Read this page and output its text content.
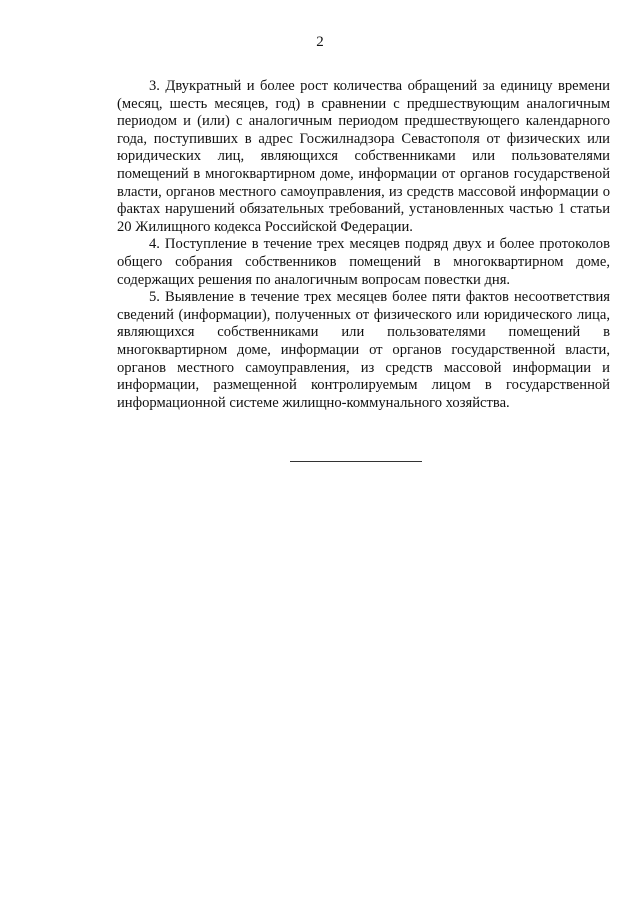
2

3. Двукратный и более рост количества обращений за единицу времени (месяц, шесть месяцев, год) в сравнении с предшествующим аналогичным периодом и (или) с аналогичным периодом предшествующего календарного года, поступивших в адрес Госжилнадзора Севастополя от физических или юридических лиц, являющихся собственниками или пользователями помещений в многоквартирном доме, информации от органов государственой власти, органов местного самоуправления, из средств массовой информации о фактах нарушений обязательных требований, установленных частью 1 статьи 20 Жилищного кодекса Российской Федерации.

4. Поступление в течение трех месяцев подряд двух и более протоколов общего собрания собственников помещений в многоквартирном доме, содержащих решения по аналогичным вопросам повестки дня.

5. Выявление в течение трех месяцев более пяти фактов несоответствия сведений (информации), полученных от физического или юридического лица, являющихся собственниками или пользователями помещений в многоквартирном доме, информации от органов государственной власти, органов местного самоуправления, из средств массовой информации и информации, размещенной контролируемым лицом в государственной информационной системе жилищно-коммунального хозяйства.
